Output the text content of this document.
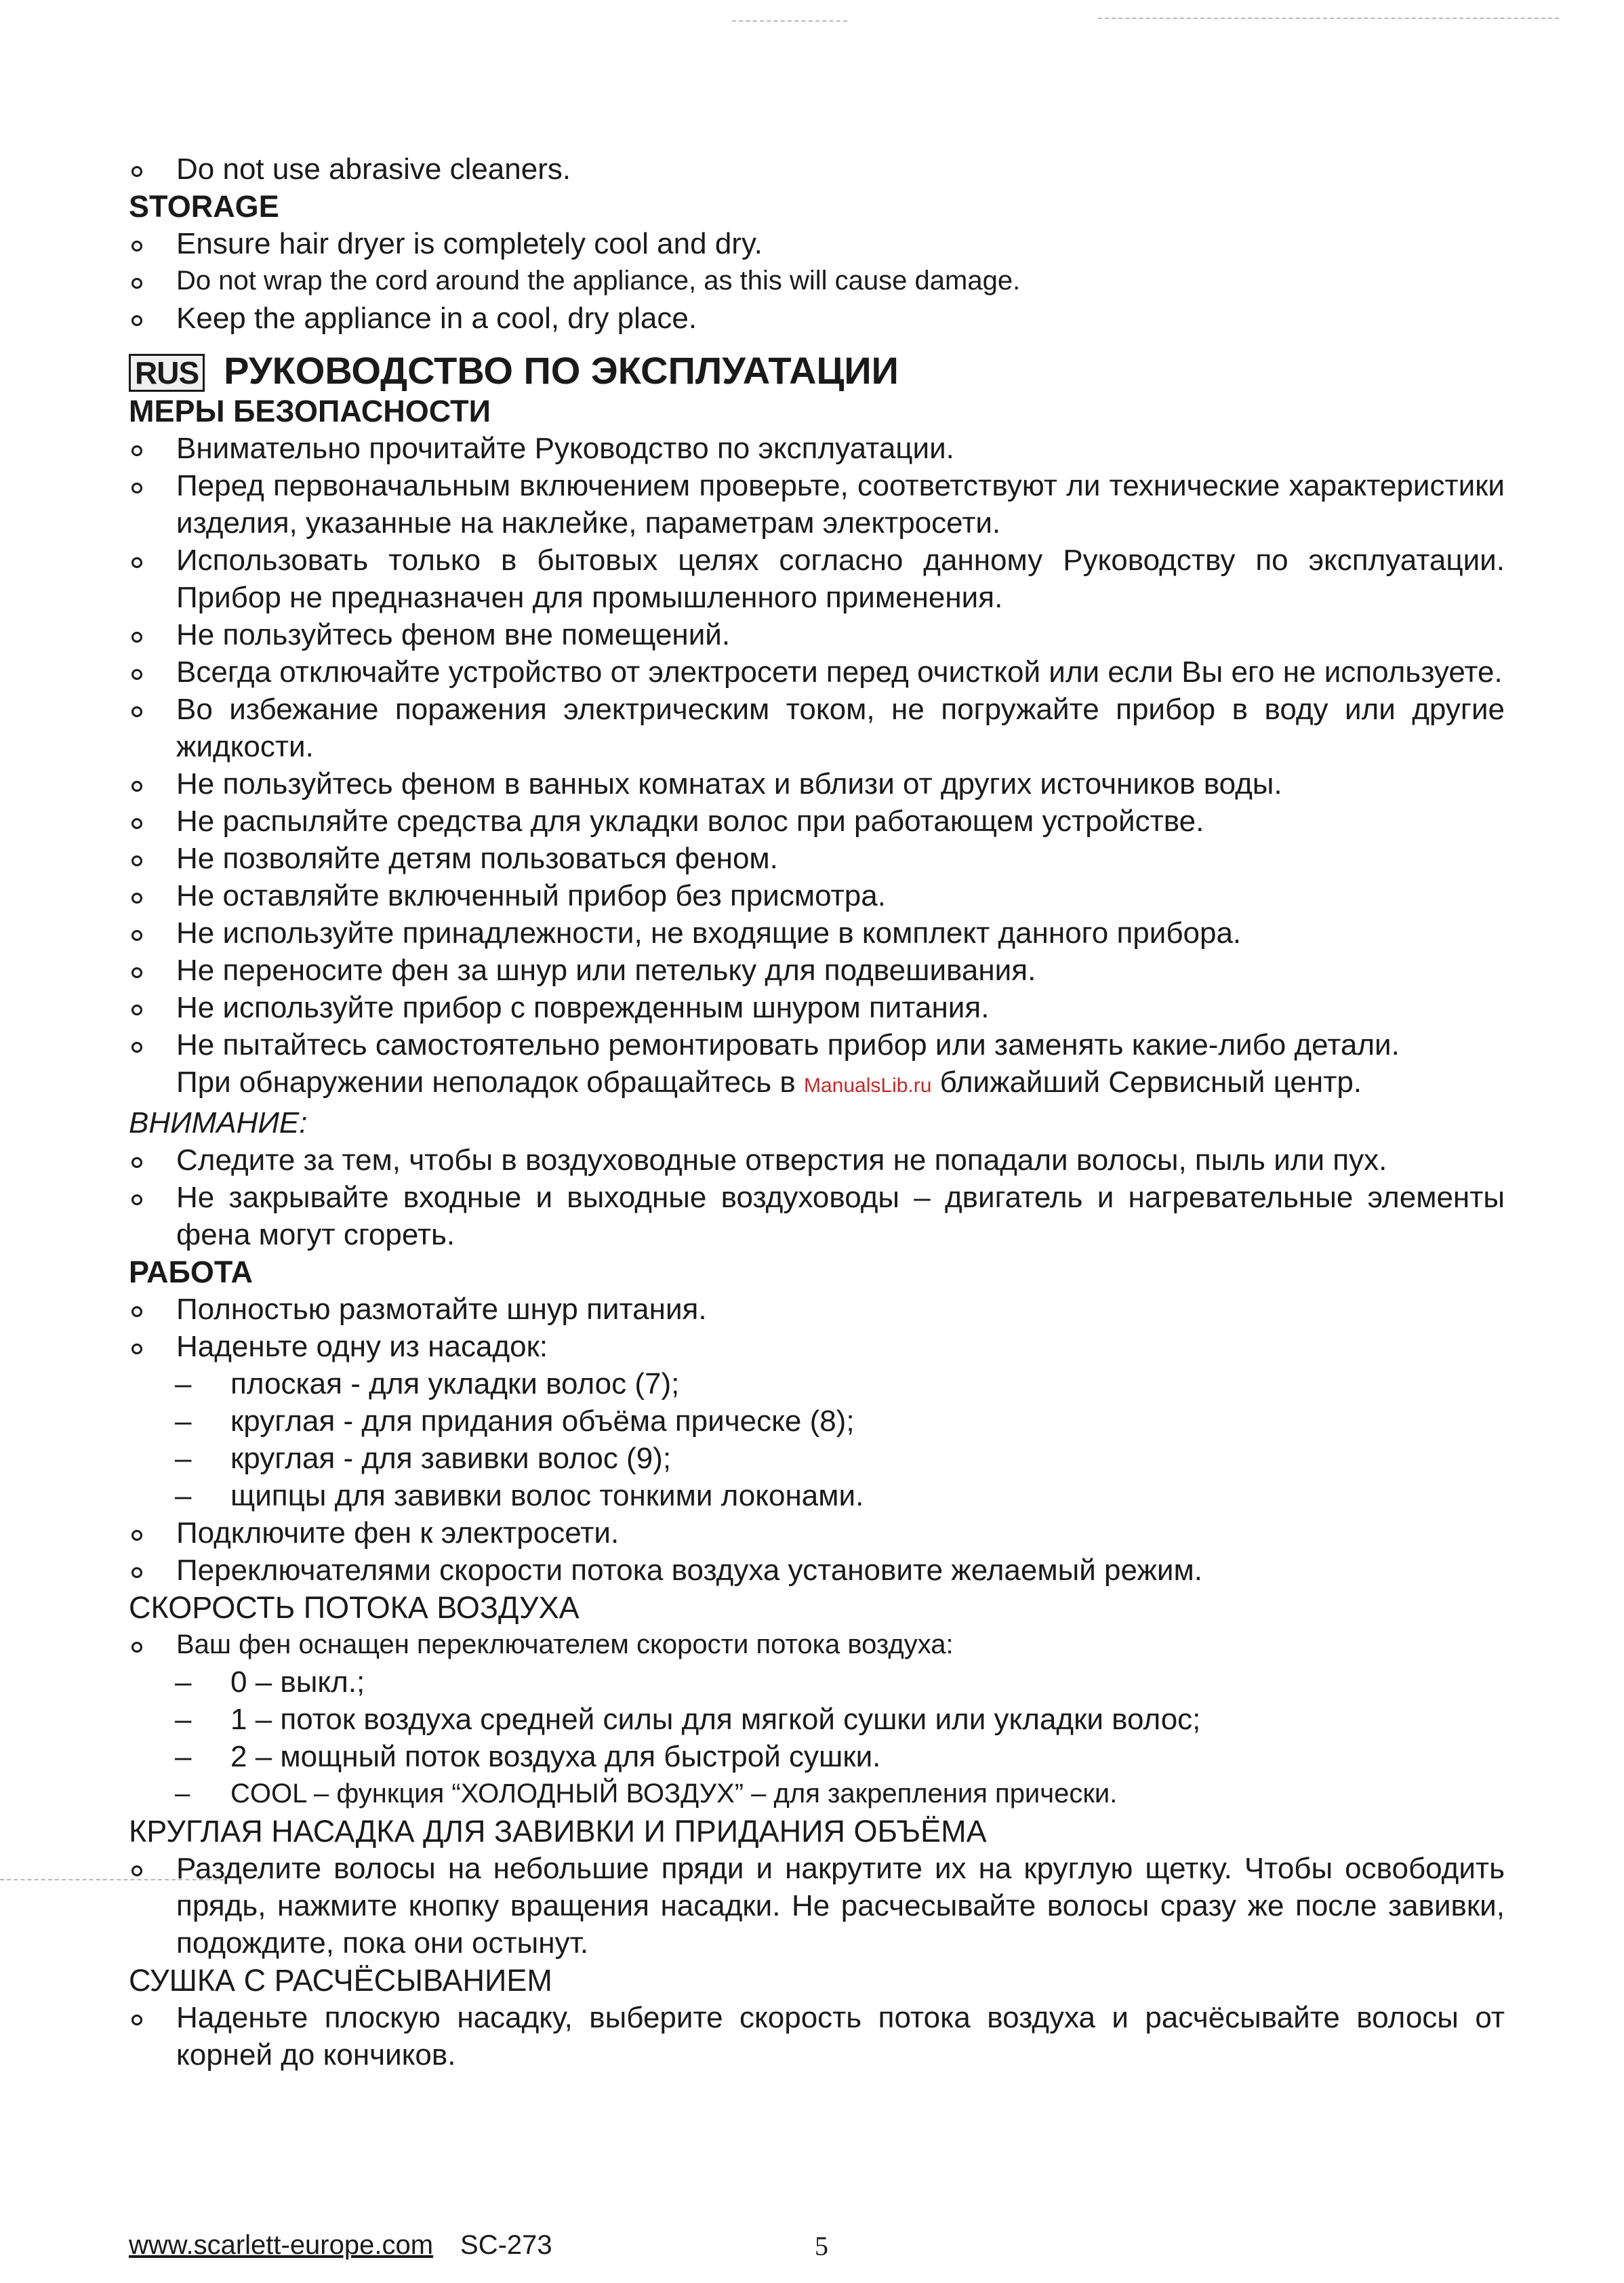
Do not use abrasive cleaners.
STORAGE
Ensure hair dryer is completely cool and dry.
Do not wrap the cord around the appliance, as this will cause damage.
Keep the appliance in a cool, dry place.
RUS РУКОВОДСТВО ПО ЭКСПЛУАТАЦИИ
МЕРЫ БЕЗОПАСНОСТИ
Внимательно прочитайте Руководство по эксплуатации.
Перед первоначальным включением проверьте, соответствуют ли технические характеристики изделия, указанные на наклейке, параметрам электросети.
Использовать только в бытовых целях согласно данному Руководству по эксплуатации. Прибор не предназначен для промышленного применения.
Не пользуйтесь феном вне помещений.
Всегда отключайте устройство от электросети перед очисткой или если Вы его не используете.
Во избежание поражения электрическим током, не погружайте прибор в воду или другие жидкости.
Не пользуйтесь феном в ванных комнатах и вблизи от других источников воды.
Не распыляйте средства для укладки волос при работающем устройстве.
Не позволяйте детям пользоваться феном.
Не оставляйте включенный прибор без присмотра.
Не используйте принадлежности, не входящие в комплект данного прибора.
Не переносите фен за шнур или петельку для подвешивания.
Не используйте прибор с поврежденным шнуром питания.
Не пытайтесь самостоятельно ремонтировать прибор или заменять какие-либо детали.
При обнаружении неполадок обращайтесь в ManualsLib.ru ближайший Сервисный центр.
ВНИМАНИЕ:
Следите за тем, чтобы в воздуховодные отверстия не попадали волосы, пыль или пух.
Не закрывайте входные и выходные воздуховоды – двигатель и нагревательные элементы фена могут сгореть.
РАБОТА
Полностью размотайте шнур питания.
Наденьте одну из насадок:
– плоская - для укладки волос (7);
– круглая - для придания объёма прическе (8);
– круглая - для завивки волос (9);
– щипцы для завивки волос тонкими локонами.
Подключите фен к электросети.
Переключателями скорости потока воздуха установите желаемый режим.
СКОРОСТЬ ПОТОКА ВОЗДУХА
Ваш фен оснащен переключателем скорости потока воздуха:
– 0 – выкл.;
– 1 – поток воздуха средней силы для мягкой сушки или укладки волос;
– 2 – мощный поток воздуха для быстрой сушки.
– COOL – функция “ХОЛОДНЫЙ ВОЗДУХ” – для закрепления прически.
КРУГЛАЯ НАСАДКА ДЛЯ ЗАВИВКИ И ПРИДАНИЯ ОБЪЁМА
Разделите волосы на небольшие пряди и накрутите их на круглую щетку. Чтобы освободить прядь, нажмите кнопку вращения насадки. Не расчесывайте волосы сразу же после завивки, подождите, пока они остынут.
СУШКА С РАСЧЁСЫВАНИЕМ
Наденьте плоскую насадку, выберите скорость потока воздуха и расчёсывайте волосы от корней до кончиков.
www.scarlett-europe.com SC-273	5
